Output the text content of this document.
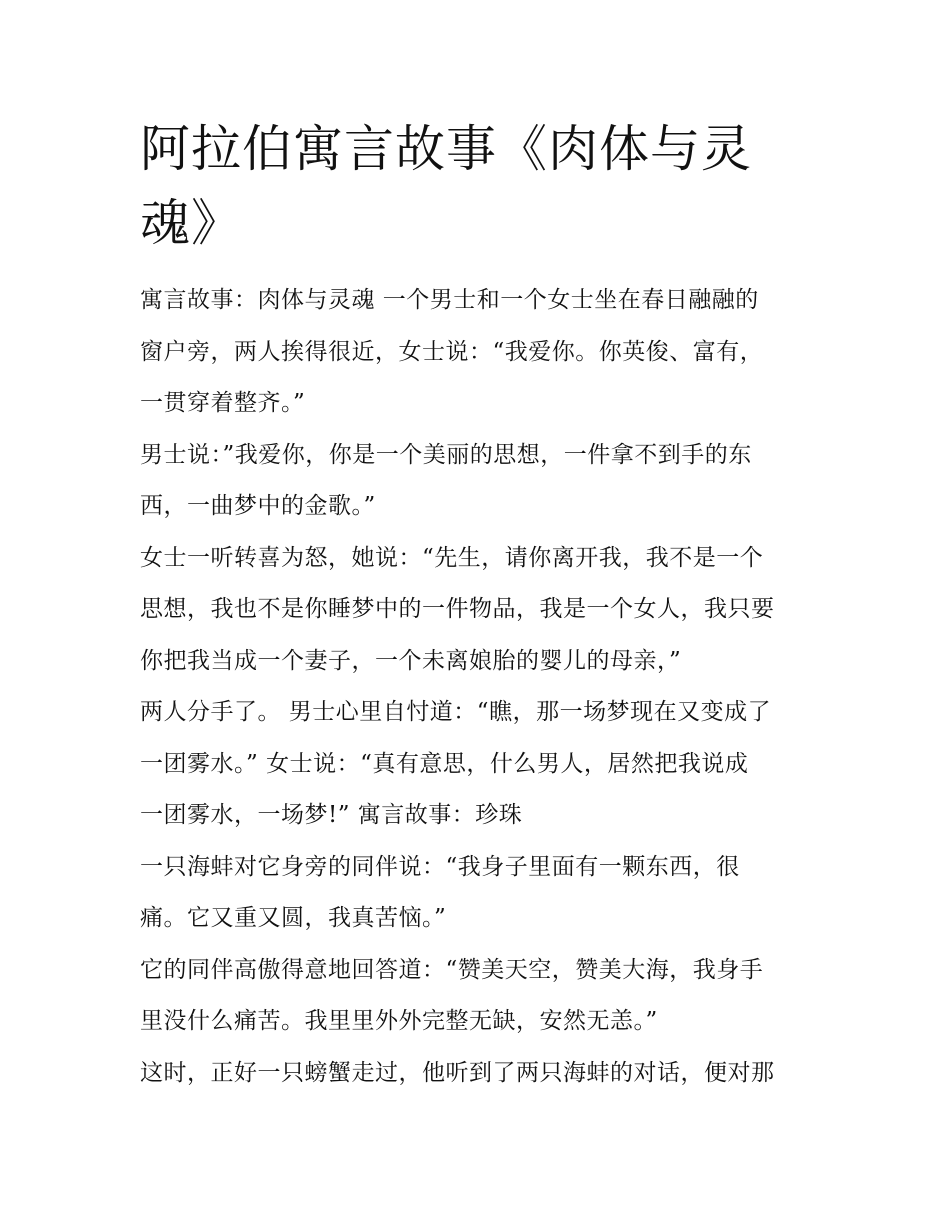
阿拉伯寓言故事《肉体与灵魂》
寓言故事：肉体与灵魂 一个男士和一个女士坐在春日融融的
窗户旁，两人挨得很近，女士说：“我爱你。你英俊、富有，
一贯穿着整齐。”
男士说：”我爱你，你是一个美丽的思想，一件拿不到手的东
西，一曲梦中的金歌。”
女士一听转喜为怒，她说：“先生，请你离开我，我不是一个
思想，我也不是你睡梦中的一件物品，我是一个女人，我只要
你把我当成一个妻子，一个未离娘胎的婴儿的母亲，”
两人分手了。 男士心里自忖道：“瞧，那一场梦现在又变成了
一团雾水。” 女士说：“真有意思，什么男人，居然把我说成
一团雾水，一场梦!” 寓言故事：珍珠
一只海蚌对它身旁的同伴说：“我身子里面有一颗东西，很
痛。它又重又圆，我真苦恼。”
它的同伴高傲得意地回答道：“赞美天空，赞美大海，我身手
里没什么痛苦。我里里外外完整无缺，安然无恙。”
这时，正好一只螃蟹走过，他听到了两只海蚌的对话，便对那
